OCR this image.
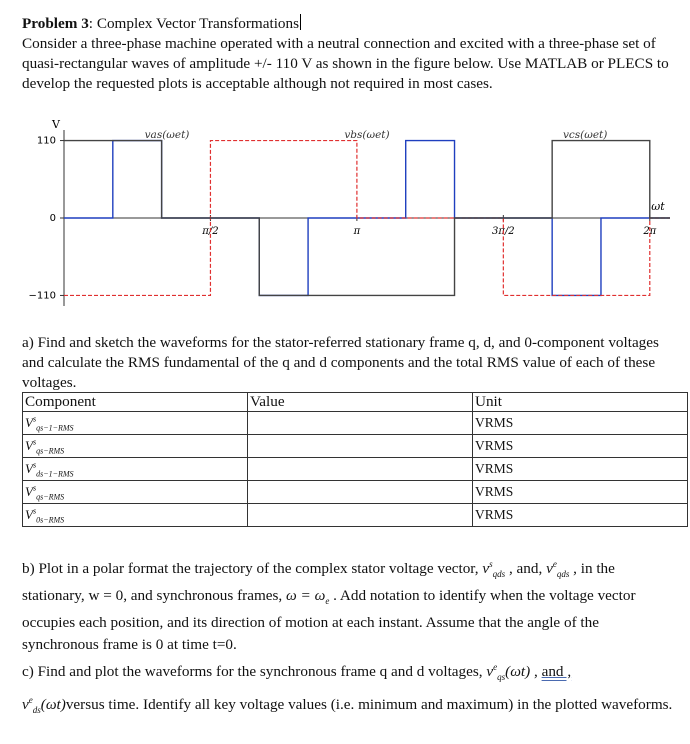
Problem 3: Complex Vector Transformations
Consider a three-phase machine operated with a neutral connection and excited with a three-phase set of quasi-rectangular waves of amplitude +/- 110 V as shown in the figure below. Use MATLAB or PLECS to develop the requested plots is acceptable although not required in most cases.
V
110
0
−110
π/2	π	3π/2	2π
ωt
vas(ωet)	vbs(ωet)	vcs(ωet)
a) Find and sketch the waveforms for the stator-referred stationary frame q, d, and 0-component voltages and calculate the RMS fundamental of the q and d components and the total RMS value of each of these voltages.
Component	Value	Unit
$V^s_{qs-1-RMS}$		VRMS
$V^s_{qs-RMS}$		VRMS
$V^s_{ds-1-RMS}$		VRMS
$V^s_{qs-RMS}$		VRMS
$V^s_{0s-RMS}$		VRMS
b) Plot in a polar format the trajectory of the complex stator voltage vector, $v^s_{qds}$ , and, $v^e_{qds}$ , in the stationary, w = 0, and synchronous frames, $\omega = \omega_e$ . Add notation to identify when the voltage vector occupies each position, and its direction of motion at each instant. Assume that the angle of the synchronous frame is 0 at time t=0.
c) Find and plot the waveforms for the synchronous frame q and d voltages, $v^e_{qs}(\omega t)$ , and ,
$v^e_{ds}(\omega t)versus$ time. Identify all key voltage values (i.e. minimum and maximum) in the plotted waveforms.
